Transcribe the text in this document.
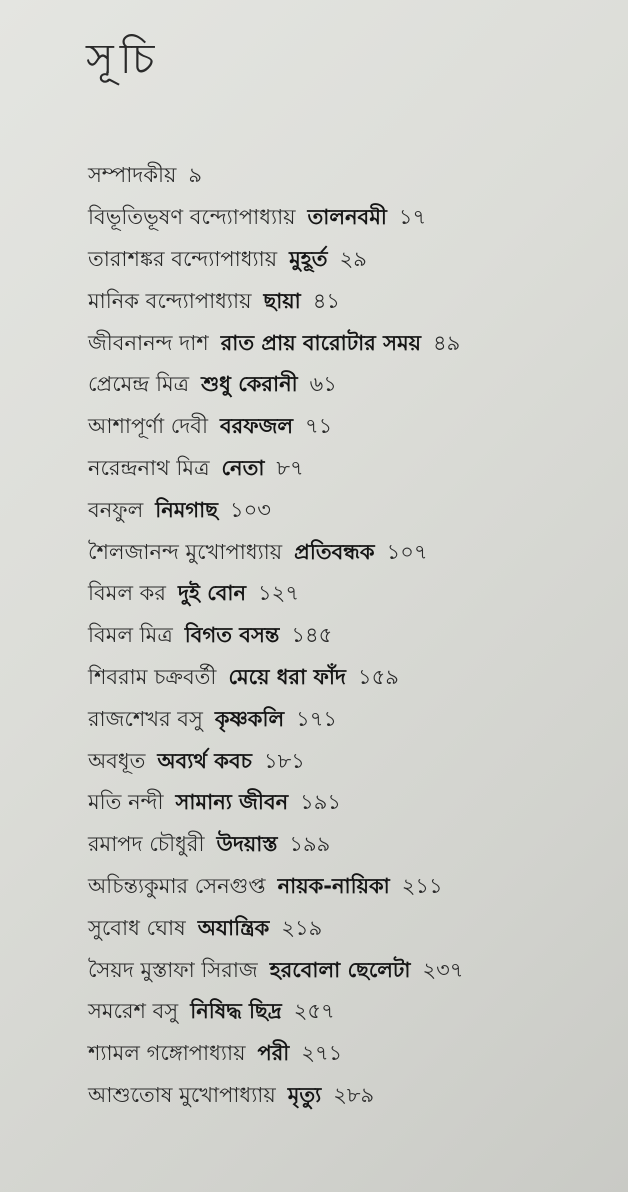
সূচি
সম্পাদকীয় ৯
বিভূতিভূষণ বন্দ্যোপাধ্যায় তালনবমী ১৭
তারাশঙ্কর বন্দ্যোপাধ্যায় মুহূর্ত ২৯
মানিক বন্দ্যোপাধ্যায় ছায়া ৪১
জীবনানন্দ দাশ রাত প্রায় বারোটার সময় ৪৯
প্রেমেন্দ্র মিত্র শুধু কেরানী ৬১
আশাপূর্ণা দেবী বরফজল ৭১
নরেন্দ্রনাথ মিত্র নেতা ৮৭
বনফুল নিমগাছ ১০৩
শৈলজানন্দ মুখোপাধ্যায় প্রতিবন্ধক ১০৭
বিমল কর দুই বোন ১২৭
বিমল মিত্র বিগত বসন্ত ১৪৫
শিবরাম চক্রবর্তী মেয়ে ধরা ফাঁদ ১৫৯
রাজশেখর বসু কৃষ্ণকলি ১৭১
অবধূত অব্যর্থ কবচ ১৮১
মতি নন্দী সামান্য জীবন ১৯১
রমাপদ চৌধুরী উদয়াস্ত ১৯৯
অচিন্ত্যকুমার সেনগুপ্ত নায়ক-নায়িকা ২১১
সুবোধ ঘোষ অযান্ত্রিক ২১৯
সৈয়দ মুস্তাফা সিরাজ হরবোলা ছেলেটা ২৩৭
সমরেশ বসু নিষিদ্ধ ছিদ্র ২৫৭
শ্যামল গঙ্গোপাধ্যায় পরী ২৭১
আশুতোষ মুখোপাধ্যায় মৃত্যু ২৮৯
